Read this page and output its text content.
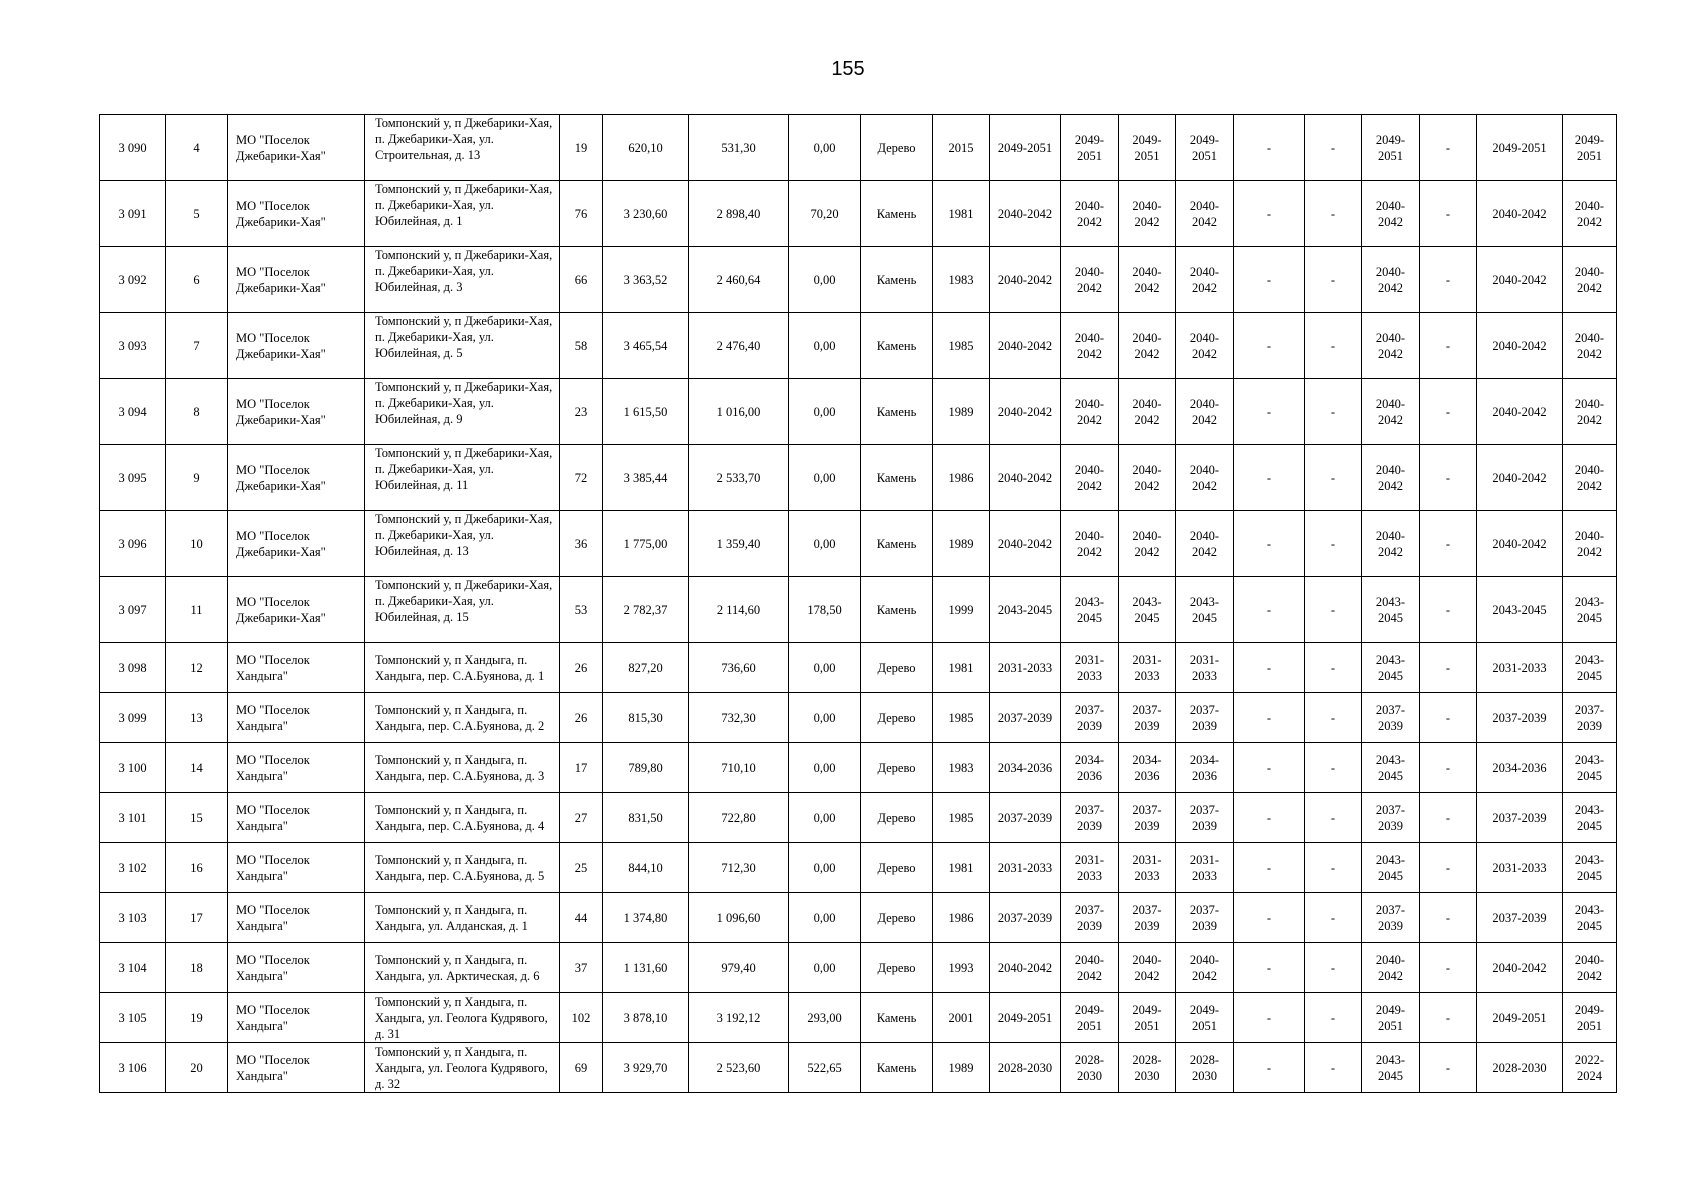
155
3 090	4	МО "Поселок Джебарики-Хая"	Томпонский у, п Джебарики-Хая, п. Джебарики-Хая, ул. Строительная, д. 13	19	620,10	531,30	0,00	Дерево	2015	2049-2051	2049-2051	2049-2051	2049-2051	-	-	2049-2051	-	2049-2051	2049-2051
3 091	5	МО "Поселок Джебарики-Хая"	Томпонский у, п Джебарики-Хая, п. Джебарики-Хая, ул. Юбилейная, д. 1	76	3 230,60	2 898,40	70,20	Камень	1981	2040-2042	2040-2042	2040-2042	2040-2042	-	-	2040-2042	-	2040-2042	2040-2042
3 092	6	МО "Поселок Джебарики-Хая"	Томпонский у, п Джебарики-Хая, п. Джебарики-Хая, ул. Юбилейная, д. 3	66	3 363,52	2 460,64	0,00	Камень	1983	2040-2042	2040-2042	2040-2042	2040-2042	-	-	2040-2042	-	2040-2042	2040-2042
3 093	7	МО "Поселок Джебарики-Хая"	Томпонский у, п Джебарики-Хая, п. Джебарики-Хая, ул. Юбилейная, д. 5	58	3 465,54	2 476,40	0,00	Камень	1985	2040-2042	2040-2042	2040-2042	2040-2042	-	-	2040-2042	-	2040-2042	2040-2042
3 094	8	МО "Поселок Джебарики-Хая"	Томпонский у, п Джебарики-Хая, п. Джебарики-Хая, ул. Юбилейная, д. 9	23	1 615,50	1 016,00	0,00	Камень	1989	2040-2042	2040-2042	2040-2042	2040-2042	-	-	2040-2042	-	2040-2042	2040-2042
3 095	9	МО "Поселок Джебарики-Хая"	Томпонский у, п Джебарики-Хая, п. Джебарики-Хая, ул. Юбилейная, д. 11	72	3 385,44	2 533,70	0,00	Камень	1986	2040-2042	2040-2042	2040-2042	2040-2042	-	-	2040-2042	-	2040-2042	2040-2042
3 096	10	МО "Поселок Джебарики-Хая"	Томпонский у, п Джебарики-Хая, п. Джебарики-Хая, ул. Юбилейная, д. 13	36	1 775,00	1 359,40	0,00	Камень	1989	2040-2042	2040-2042	2040-2042	2040-2042	-	-	2040-2042	-	2040-2042	2040-2042
3 097	11	МО "Поселок Джебарики-Хая"	Томпонский у, п Джебарики-Хая, п. Джебарики-Хая, ул. Юбилейная, д. 15	53	2 782,37	2 114,60	178,50	Камень	1999	2043-2045	2043-2045	2043-2045	2043-2045	-	-	2043-2045	-	2043-2045	2043-2045
3 098	12	МО "Поселок Хандыга"	Томпонский у, п Хандыга, п. Хандыга, пер. С.А.Буянова, д. 1	26	827,20	736,60	0,00	Дерево	1981	2031-2033	2031-2033	2031-2033	2031-2033	-	-	2043-2045	-	2031-2033	2043-2045
3 099	13	МО "Поселок Хандыга"	Томпонский у, п Хандыга, п. Хандыга, пер. С.А.Буянова, д. 2	26	815,30	732,30	0,00	Дерево	1985	2037-2039	2037-2039	2037-2039	2037-2039	-	-	2037-2039	-	2037-2039	2037-2039
3 100	14	МО "Поселок Хандыга"	Томпонский у, п Хандыга, п. Хандыга, пер. С.А.Буянова, д. 3	17	789,80	710,10	0,00	Дерево	1983	2034-2036	2034-2036	2034-2036	2034-2036	-	-	2043-2045	-	2034-2036	2043-2045
3 101	15	МО "Поселок Хандыга"	Томпонский у, п Хандыга, п. Хандыга, пер. С.А.Буянова, д. 4	27	831,50	722,80	0,00	Дерево	1985	2037-2039	2037-2039	2037-2039	2037-2039	-	-	2037-2039	-	2037-2039	2043-2045
3 102	16	МО "Поселок Хандыга"	Томпонский у, п Хандыга, п. Хандыга, пер. С.А.Буянова, д. 5	25	844,10	712,30	0,00	Дерево	1981	2031-2033	2031-2033	2031-2033	2031-2033	-	-	2043-2045	-	2031-2033	2043-2045
3 103	17	МО "Поселок Хандыга"	Томпонский у, п Хандыга, п. Хандыга, ул. Алданская, д. 1	44	1 374,80	1 096,60	0,00	Дерево	1986	2037-2039	2037-2039	2037-2039	2037-2039	-	-	2037-2039	-	2037-2039	2043-2045
3 104	18	МО "Поселок Хандыга"	Томпонский у, п Хандыга, п. Хандыга, ул. Арктическая, д. 6	37	1 131,60	979,40	0,00	Дерево	1993	2040-2042	2040-2042	2040-2042	2040-2042	-	-	2040-2042	-	2040-2042	2040-2042
3 105	19	МО "Поселок Хандыга"	Томпонский у, п Хандыга, п. Хандыга, ул. Геолога Кудрявого, д. 31	102	3 878,10	3 192,12	293,00	Камень	2001	2049-2051	2049-2051	2049-2051	2049-2051	-	-	2049-2051	-	2049-2051	2049-2051
3 106	20	МО "Поселок Хандыга"	Томпонский у, п Хандыга, п. Хандыга, ул. Геолога Кудрявого, д. 32	69	3 929,70	2 523,60	522,65	Камень	1989	2028-2030	2028-2030	2028-2030	2028-2030	-	-	2043-2045	-	2028-2030	2022-2024
